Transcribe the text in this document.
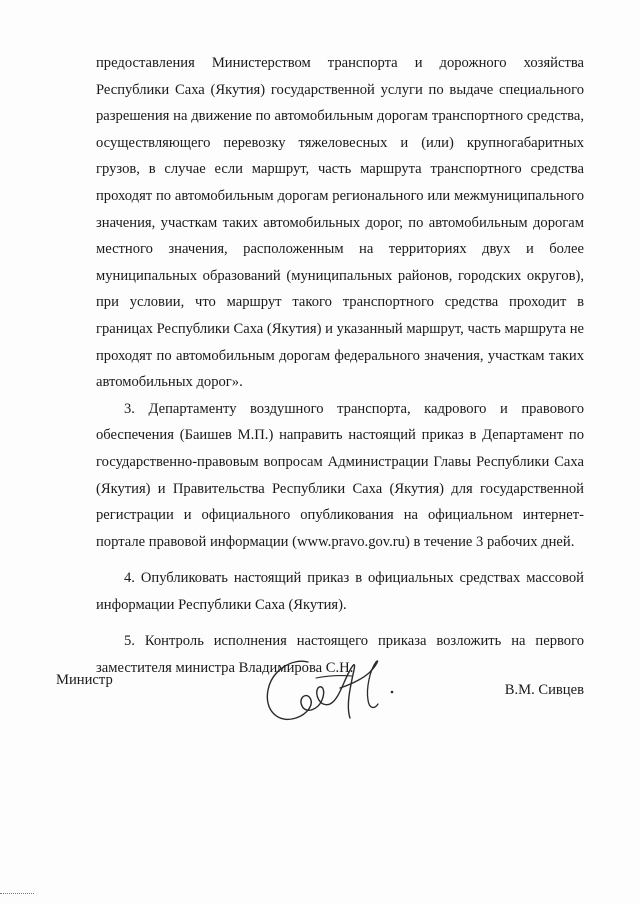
предоставления Министерством транспорта и дорожного хозяйства Республики Саха (Якутия) государственной услуги по выдаче специального разрешения на движение по автомобильным дорогам транспортного средства, осуществляющего перевозку тяжеловесных и (или) крупногабаритных грузов, в случае если маршрут, часть маршрута транспортного средства проходят по автомобильным дорогам регионального или межмуниципального значения, участкам таких автомобильных дорог, по автомобильным дорогам местного значения, расположенным на территориях двух и более муниципальных образований (муниципальных районов, городских округов), при условии, что маршрут такого транспортного средства проходит в границах Республики Саха (Якутия) и указанный маршрут, часть маршрута не проходят по автомобильным дорогам федерального значения, участкам таких автомобильных дорог».

3. Департаменту воздушного транспорта, кадрового и правового обеспечения (Баишев М.П.) направить настоящий приказ в Департамент по государственно-правовым вопросам Администрации Главы Республики Саха (Якутия) и Правительства Республики Саха (Якутия) для государственной регистрации и официального опубликования на официальном интернет-портале правовой информации (www.pravo.gov.ru) в течение 3 рабочих дней.

4. Опубликовать настоящий приказ в официальных средствах массовой информации Республики Саха (Якутия).

5. Контроль исполнения настоящего приказа возложить на первого заместителя министра Владимирова С.Н.

Министр
В.М. Сивцев
